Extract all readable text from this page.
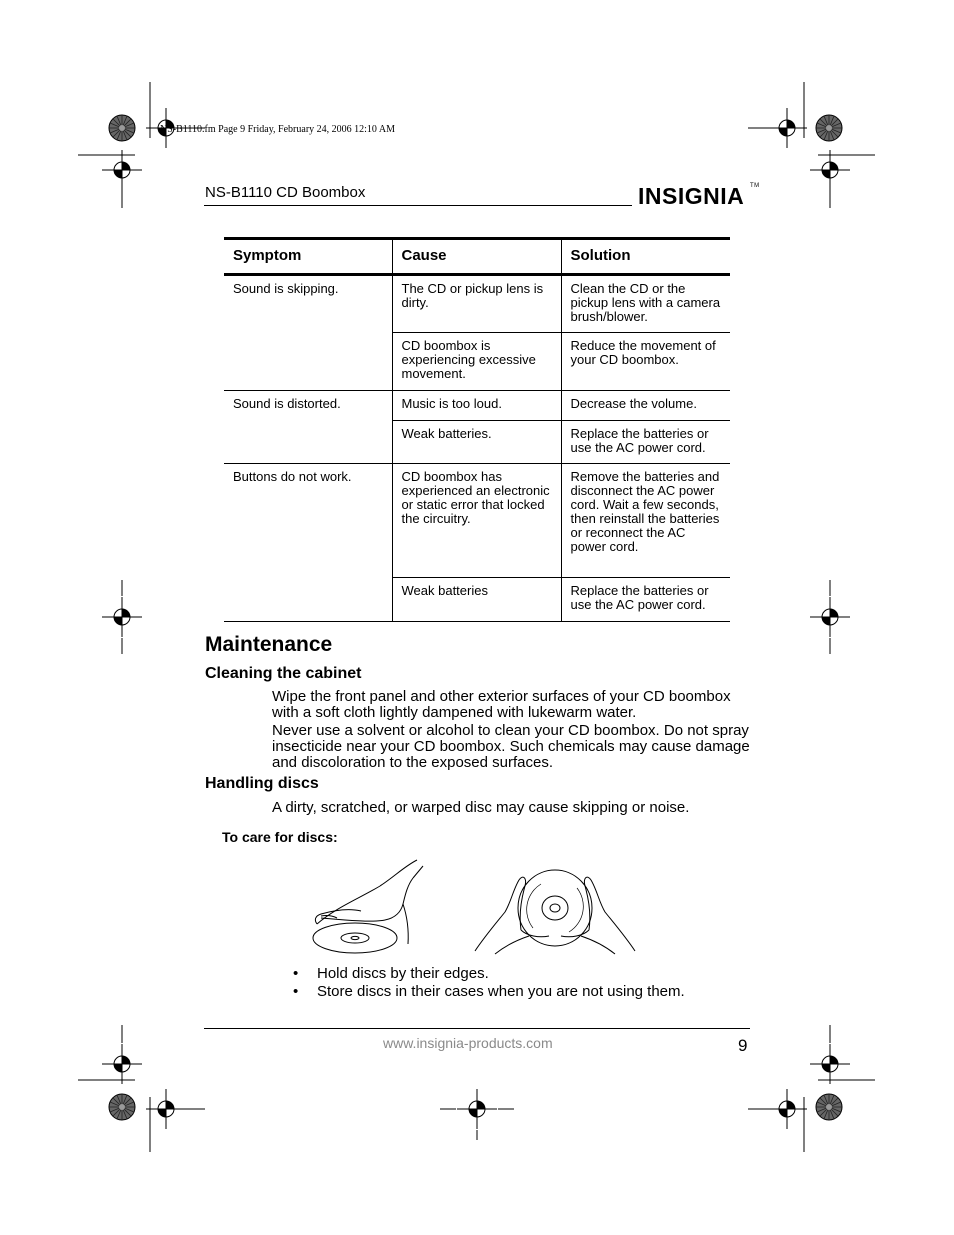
NS-B1110.fm Page 9 Friday, February 24, 2006 12:10 AM
NS-B1110 CD Boombox	INSIGNIA TM
Symptom	Cause	Solution
Sound is skipping.	The CD or pickup lens is dirty.	Clean the CD or the pickup lens with a camera brush/blower.
	CD boombox is experiencing excessive movement.	Reduce the movement of your CD boombox.
Sound is distorted.	Music is too loud.	Decrease the volume.
	Weak batteries.	Replace the batteries or use the AC power cord.
Buttons do not work.	CD boombox has experienced an electronic or static error that locked the circuitry.	Remove the batteries and disconnect the AC power cord. Wait a few seconds, then reinstall the batteries or reconnect the AC power cord.
	Weak batteries	Replace the batteries or use the AC power cord.
Maintenance
Cleaning the cabinet
Wipe the front panel and other exterior surfaces of your CD boombox with a soft cloth lightly dampened with lukewarm water.
Never use a solvent or alcohol to clean your CD boombox. Do not spray insecticide near your CD boombox. Such chemicals may cause damage and discoloration to the exposed surfaces.
Handling discs
A dirty, scratched, or warped disc may cause skipping or noise.
To care for discs:
• Hold discs by their edges.
• Store discs in their cases when you are not using them.
www.insignia-products.com	9
